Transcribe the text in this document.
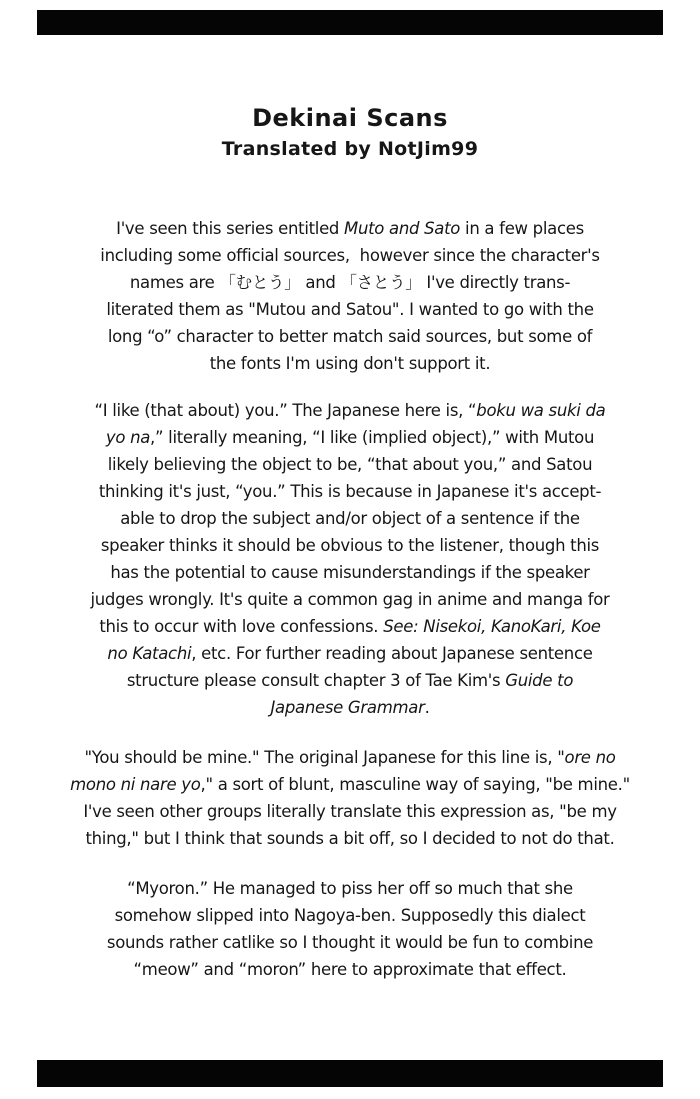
Dekinai Scans
Translated by NotJim99
I've seen this series entitled Muto and Sato in a few places
including some official sources,  however since the character's
names are 「むとう」 and 「さとう」 I've directly trans-
literated them as "Mutou and Satou". I wanted to go with the
long “o” character to better match said sources, but some of
the fonts I'm using don't support it.
“I like (that about) you.” The Japanese here is, “boku wa suki da
yo na,” literally meaning, “I like (implied object),” with Mutou
likely believing the object to be, “that about you,” and Satou
thinking it's just, “you.” This is because in Japanese it's accept-
able to drop the subject and/or object of a sentence if the
speaker thinks it should be obvious to the listener, though this
has the potential to cause misunderstandings if the speaker
judges wrongly. It's quite a common gag in anime and manga for
this to occur with love confessions. See: Nisekoi, KanoKari, Koe
no Katachi, etc. For further reading about Japanese sentence
structure please consult chapter 3 of Tae Kim's Guide to
Japanese Grammar.
"You should be mine." The original Japanese for this line is, "ore no
mono ni nare yo," a sort of blunt, masculine way of saying, "be mine."
I've seen other groups literally translate this expression as, "be my
thing," but I think that sounds a bit off, so I decided to not do that.
“Myoron.” He managed to piss her off so much that she
somehow slipped into Nagoya-ben. Supposedly this dialect
sounds rather catlike so I thought it would be fun to combine
“meow” and “moron” here to approximate that effect.
